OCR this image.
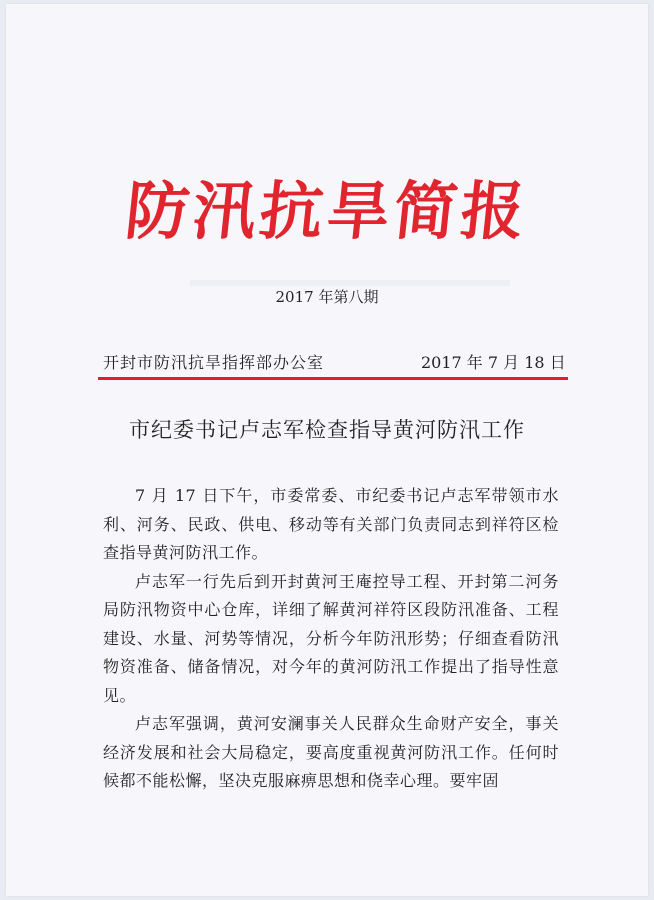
防汛抗旱简报
2017 年第八期
开封市防汛抗旱指挥部办公室	2017 年 7 月 18 日
市纪委书记卢志军检查指导黄河防汛工作

7 月 17 日下午，市委常委、市纪委书记卢志军带领市水利、河务、民政、供电、移动等有关部门负责同志到祥符区检查指导黄河防汛工作。

卢志军一行先后到开封黄河王庵控导工程、开封第二河务局防汛物资中心仓库，详细了解黄河祥符区段防汛准备、工程建设、水量、河势等情况，分析今年防汛形势；仔细查看防汛物资准备、储备情况，对今年的黄河防汛工作提出了指导性意见。

卢志军强调，黄河安澜事关人民群众生命财产安全，事关经济发展和社会大局稳定，要高度重视黄河防汛工作。任何时候都不能松懈，坚决克服麻痹思想和侥幸心理。要牢固
